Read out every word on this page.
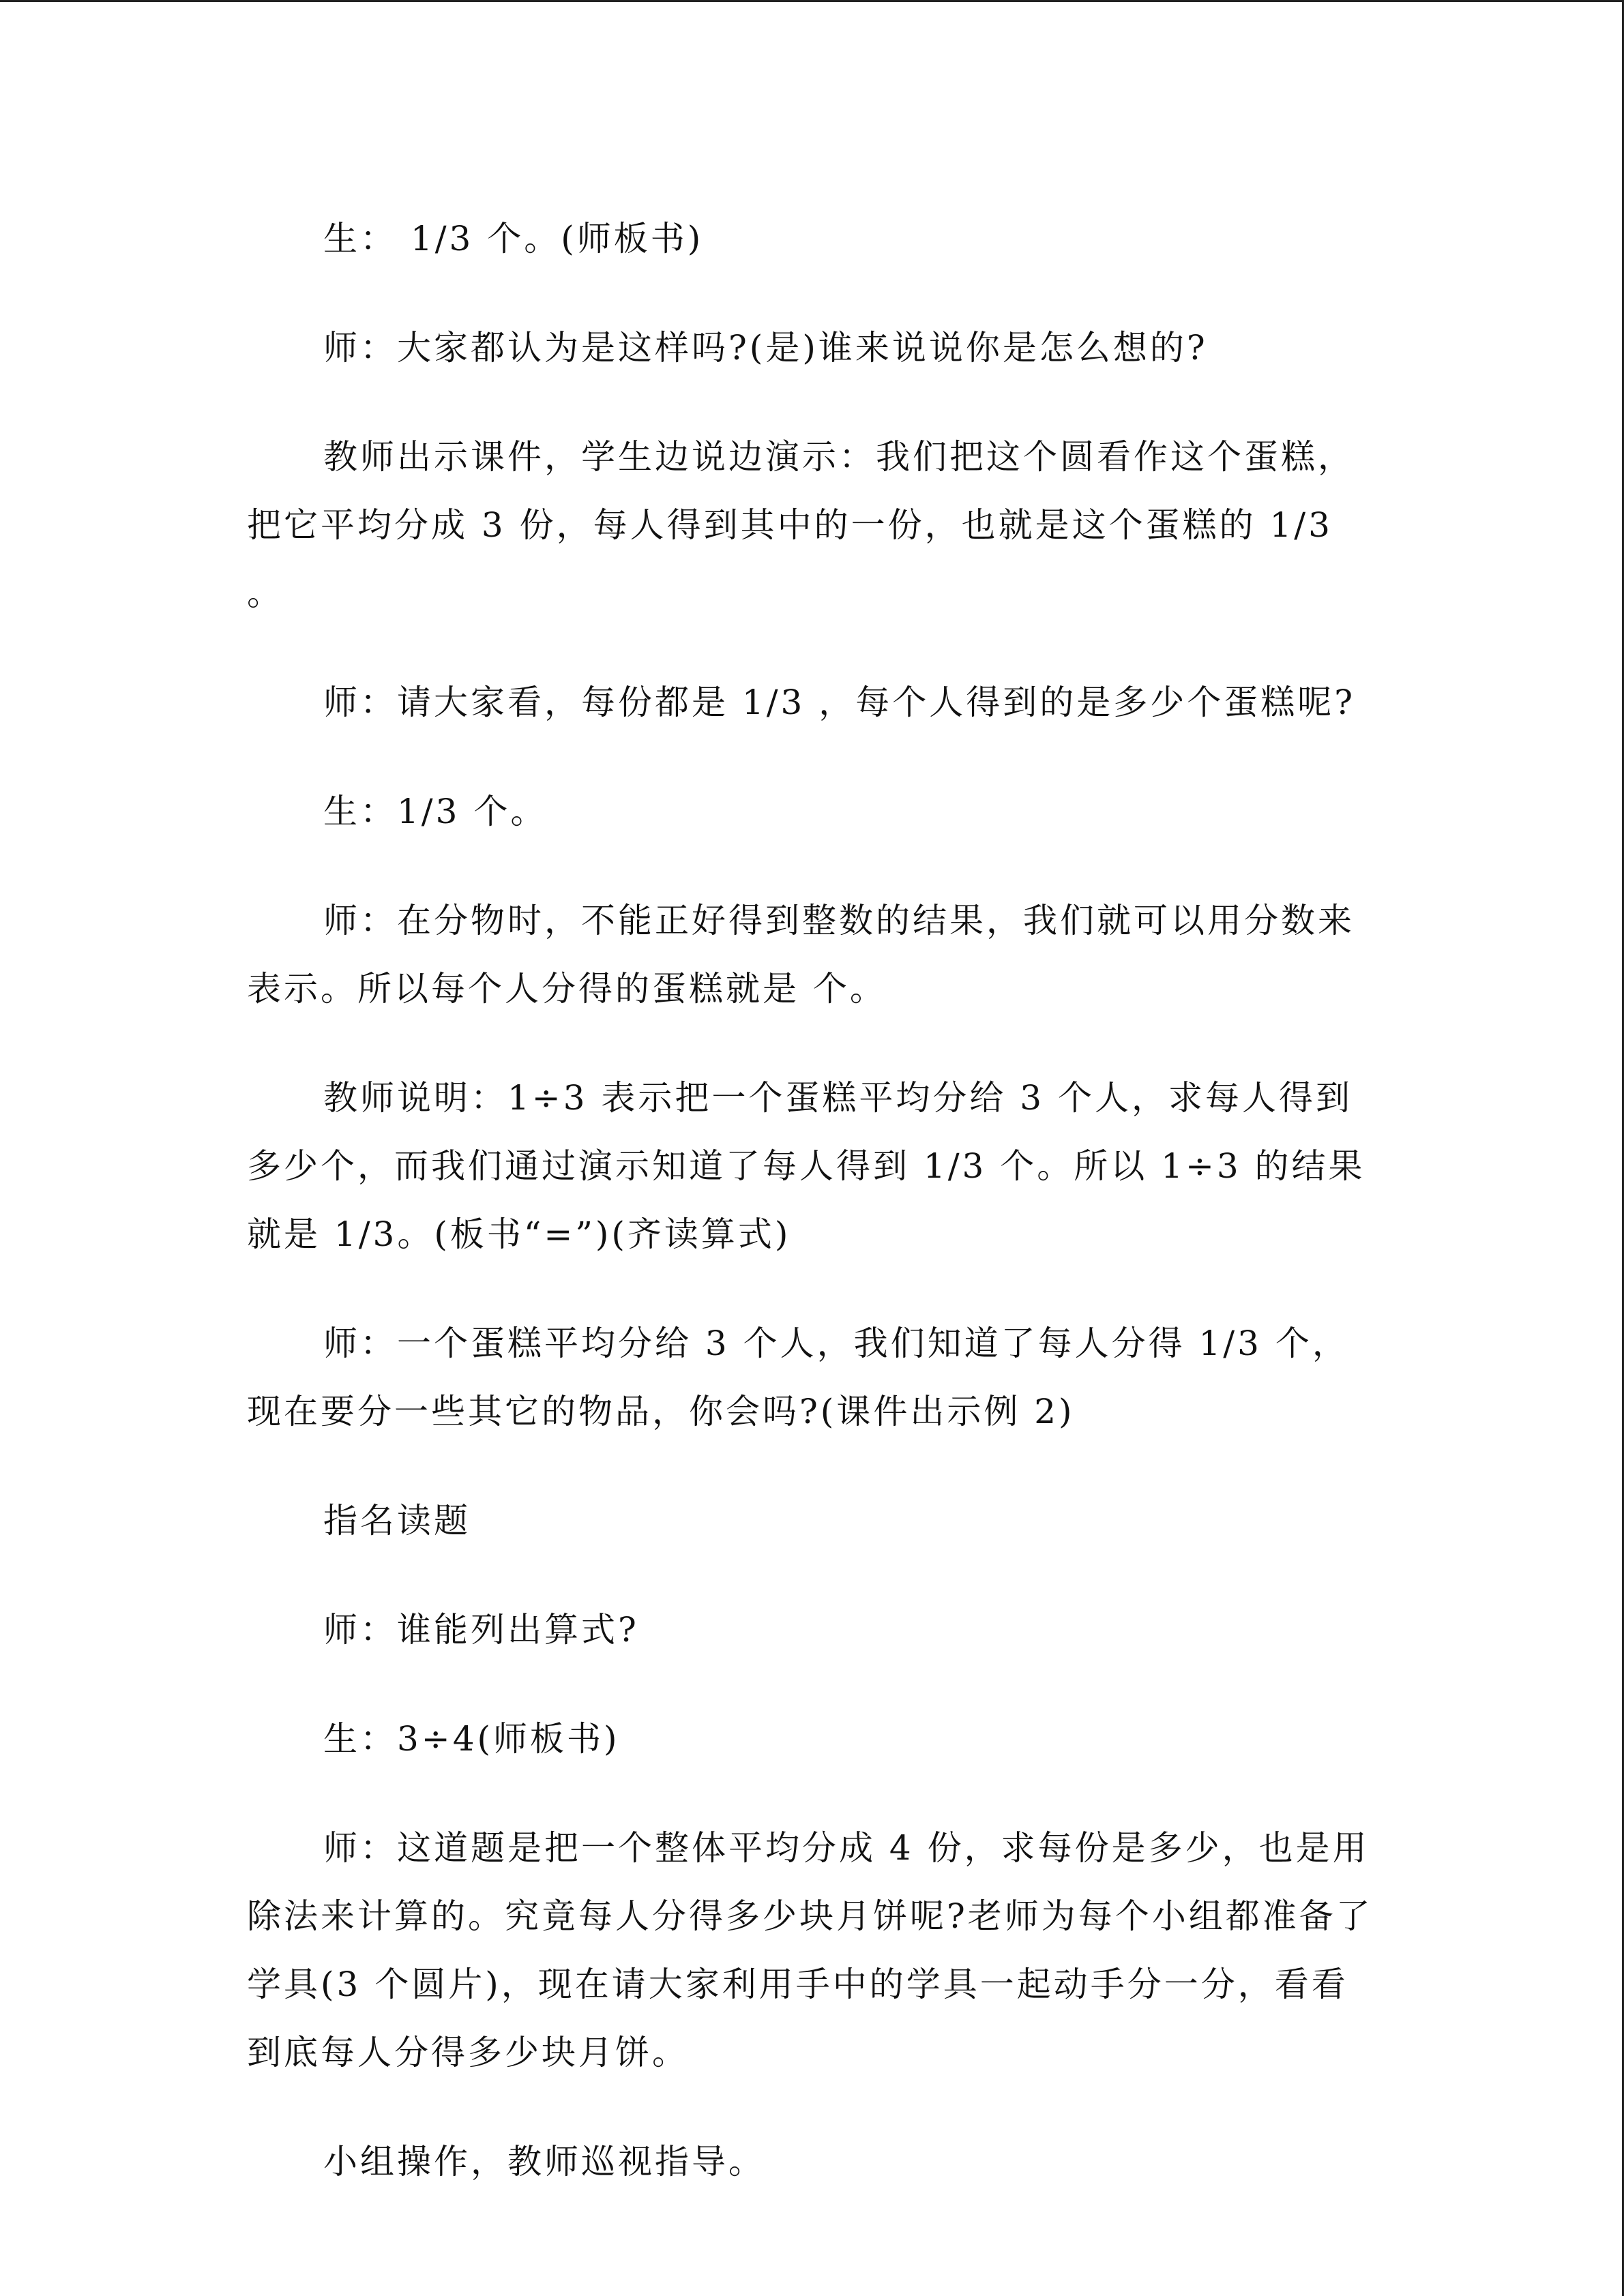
生： 1/3 个。(师板书)

师：大家都认为是这样吗?(是)谁来说说你是怎么想的?

教师出示课件，学生边说边演示：我们把这个圆看作这个蛋糕，把它平均分成 3 份，每人得到其中的一份，也就是这个蛋糕的 1/3 。

师：请大家看，每份都是 1/3 ，每个人得到的是多少个蛋糕呢?

生：1/3 个。

师：在分物时，不能正好得到整数的结果，我们就可以用分数来表示。所以每个人分得的蛋糕就是 个。

教师说明：1÷3 表示把一个蛋糕平均分给 3 个人，求每人得到多少个，而我们通过演示知道了每人得到 1/3 个。所以 1÷3 的结果就是 1/3。(板书“=”)(齐读算式)

师：一个蛋糕平均分给 3 个人，我们知道了每人分得 1/3 个，现在要分一些其它的物品，你会吗?(课件出示例 2)

指名读题

师：谁能列出算式?

生：3÷4(师板书)

师：这道题是把一个整体平均分成 4 份，求每份是多少，也是用除法来计算的。究竟每人分得多少块月饼呢?老师为每个小组都准备了学具(3 个圆片)，现在请大家利用手中的学具一起动手分一分，看看到底每人分得多少块月饼。

小组操作，教师巡视指导。
